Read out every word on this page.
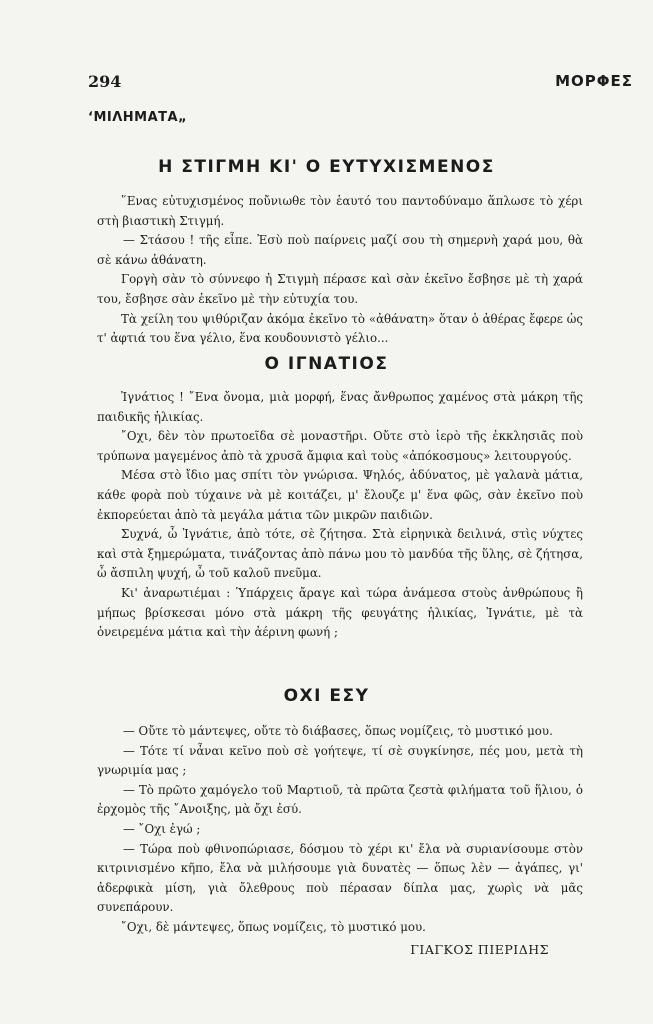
294	ΜΟΡΦΕΣ
ʻΜΙΛΗΜΑΤΑ„
Η ΣΤΙΓΜΗ ΚΙ' Ο ΕΥΤΥΧΙΣΜΕΝΟΣ

῞Ενας εὐτυχισμένος ποὔνιωθε τὸν ἑαυτό του παντοδύναμο ἅπλωσε τὸ χέρι στὴ βιαστικὴ Στιγμή.

— Στάσου ! τῆς εἶπε. Ἐσὺ ποὺ παίρνεις μαζί σου τὴ σημερνὴ χαρά μου, θὰ σὲ κάνω ἀθάνατη.

Γοργὴ σὰν τὸ σύννεφο ἡ Στιγμὴ πέρασε καὶ σὰν ἐκεῖνο ἔσβησε μὲ τὴ χαρά του, ἔσβησε σὰν ἐκεῖνο μὲ τὴν εὐτυχία του.

Τὰ χείλη του ψιθύριζαν ἀκόμα ἐκεῖνο τὸ «ἀθάνατη» ὅταν ὁ ἀθέρας ἔφερε ὡς τ' ἀφτιά του ἕνα γέλιο, ἕνα κουδουνιστὸ γέλιο...

Ο ΙΓΝΑΤΙΟΣ

Ἰγνάτιος ! ῎Ενα ὄνομα, μιὰ μορφή, ἕνας ἄνθρωπος χαμένος στὰ μάκρη τῆς παιδικῆς ἡλικίας.

῎Οχι, δὲν τὸν πρωτοεῖδα σὲ μοναστῆρι. Οὔτε στὸ ἱερὸ τῆς ἐκκλησιᾶς ποὺ τρύπωνα μαγεμένος ἀπὸ τὰ χρυσᾶ ἄμφια καὶ τοὺς «ἀπόκοσμους» λειτουργούς.

Μέσα στὸ ἴδιο μας σπίτι τὸν γνώρισα. Ψηλός, ἀδύνατος, μὲ γαλανὰ μάτια, κάθε φορὰ ποὺ τύχαινε νὰ μὲ κοιτάζει, μ' ἔλουζε μ' ἕνα φῶς, σὰν ἐκεῖνο ποὺ ἐκπορεύεται ἀπὸ τὰ μεγάλα μάτια τῶν μικρῶν παιδιῶν.

Συχνά, ὦ Ἰγνάτιε, ἀπὸ τότε, σὲ ζήτησα. Στὰ εἰρηνικὰ δειλινά, στὶς νύχτες καὶ στὰ ξημερώματα, τινάζοντας ἀπὸ πάνω μου τὸ μανδύα τῆς ὕλης, σὲ ζήτησα, ὦ ἄσπιλη ψυχή, ὦ τοῦ καλοῦ πνεῦμα.

Κι' ἀναρωτιέμαι : Ὑπάρχεις ἄραγε καὶ τώρα ἀνάμεσα στοὺς ἀνθρώπους ἢ μήπως βρίσκεσαι μόνο στὰ μάκρη τῆς φευγάτης ἡλικίας, Ἰγνάτιε, μὲ τὰ ὀνειρεμένα μάτια καὶ τὴν ἀέρινη φωνή ;

ΟΧΙ ΕΣΥ

— Οὔτε τὸ μάντεψες, οὔτε τὸ διάβασες, ὅπως νομίζεις, τὸ μυστικό μου.

— Τότε τί νἆναι κεῖνο ποὺ σὲ γοήτεψε, τί σὲ συγκίνησε, πές μου, μετὰ τὴ γνωριμία μας ;

— Τὸ πρῶτο χαμόγελο τοῦ Μαρτιοῦ, τὰ πρῶτα ζεστὰ φιλήματα τοῦ ἥλιου, ὁ ἐρχομὸς τῆς ῎Ανοιξης, μὰ ὄχι ἐσύ.

— ῎Οχι ἐγώ ;

— Τώρα ποὺ φθινοπώριασε, δόσμου τὸ χέρι κι' ἔλα νὰ συριανίσουμε στὸν κιτρινισμένο κῆπο, ἔλα νὰ μιλήσουμε γιὰ δυνατὲς — ὅπως λὲν — ἀγάπες, γι' ἀδερφικὰ μίση, γιὰ ὄλεθρους ποὺ πέρασαν δίπλα μας, χωρὶς νὰ μᾶς συνεπάρουν.

῎Οχι, δὲ μάντεψες, ὅπως νομίζεις, τὸ μυστικό μου.

ΓΙΑΓΚΟΣ ΠΙΕΡΙΔΗΣ
